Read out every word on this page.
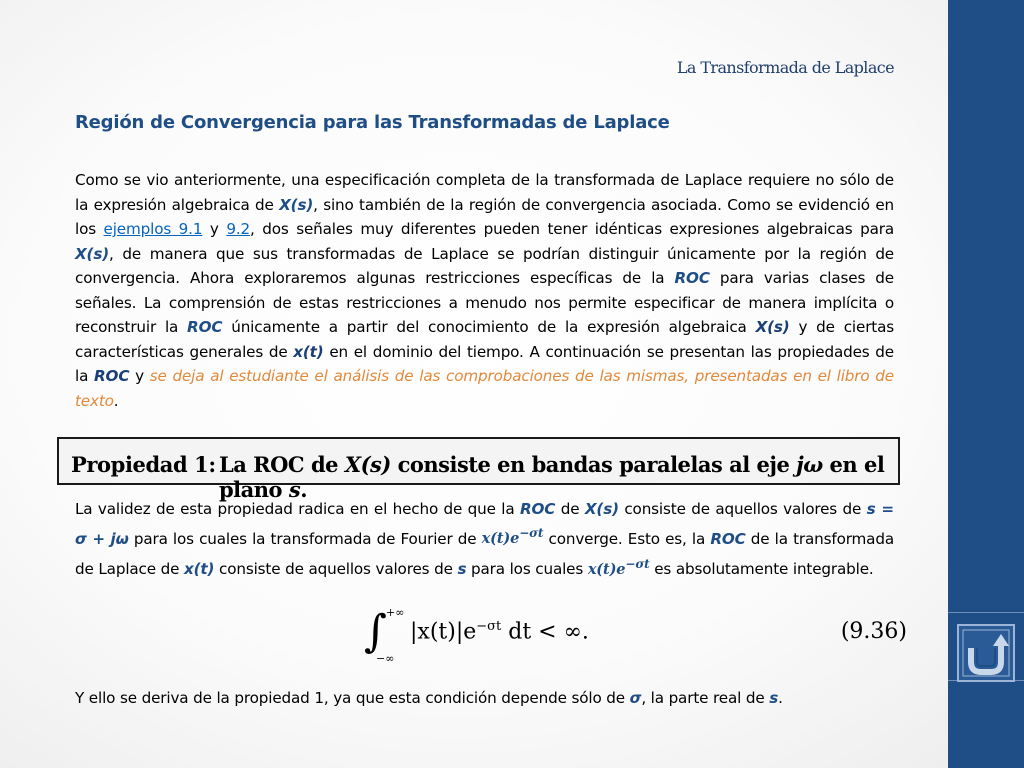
La Transformada de Laplace
Región de Convergencia para las Transformadas de Laplace
Como se vio anteriormente, una especificación completa de la transformada de Laplace requiere no sólo de la expresión algebraica de X(s), sino también de la región de convergencia asociada. Como se evidenció en los ejemplos 9.1 y 9.2, dos señales muy diferentes pueden tener idénticas expresiones algebraicas para X(s), de manera que sus transformadas de Laplace se podrían distinguir únicamente por la región de convergencia. Ahora exploraremos algunas restricciones específicas de la ROC para varias clases de señales. La comprensión de estas restricciones a menudo nos permite especificar de manera implícita o reconstruir la ROC únicamente a partir del conocimiento de la expresión algebraica X(s) y de ciertas características generales de x(t) en el dominio del tiempo. A continuación se presentan las propiedades de la ROC y se deja al estudiante el análisis de las comprobaciones de las mismas, presentadas en el libro de texto.
Propiedad 1: La ROC de X(s) consiste en bandas paralelas al eje jω en el plano s.
La validez de esta propiedad radica en el hecho de que la ROC de X(s) consiste de aquellos valores de s = σ + jω para los cuales la transformada de Fourier de $x(t)e^{-\sigma t}$ converge. Esto es, la ROC de la transformada de Laplace de x(t) consiste de aquellos valores de s para los cuales $x(t)e^{-\sigma t}$ es absolutamente integrable.
∫ +∞
−∞
$|x(t)|e^{-\sigma t}$ dt < ∞.	(9.36)
Y ello se deriva de la propiedad 1, ya que esta condición depende sólo de σ, la parte real de s.
